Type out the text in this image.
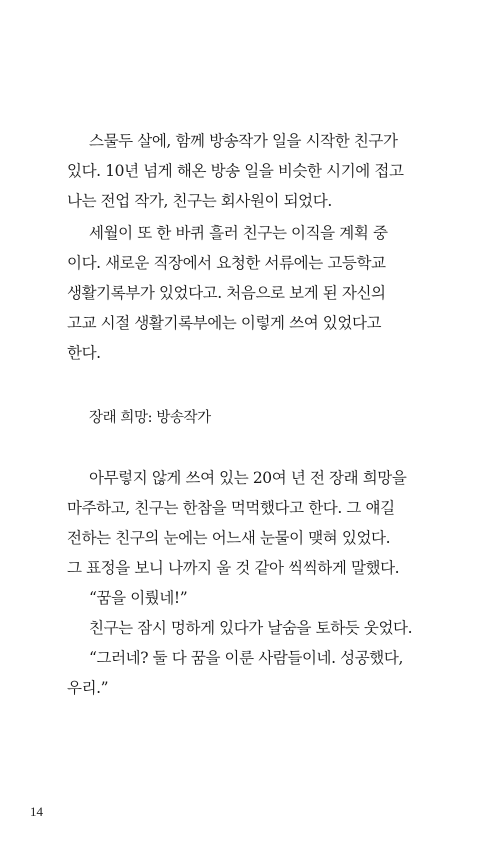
스물두 살에, 함께 방송작가 일을 시작한 친구가
있다. 10년 넘게 해온 방송 일을 비슷한 시기에 접고
나는 전업 작가, 친구는 회사원이 되었다.
세월이 또 한 바퀴 흘러 친구는 이직을 계획 중
이다. 새로운 직장에서 요청한 서류에는 고등학교
생활기록부가 있었다고. 처음으로 보게 된 자신의
고교 시절 생활기록부에는 이렇게 쓰여 있었다고
한다.
장래 희망: 방송작가
아무렇지 않게 쓰여 있는 20여 년 전 장래 희망을
마주하고, 친구는 한참을 먹먹했다고 한다. 그 얘길
전하는 친구의 눈에는 어느새 눈물이 맺혀 있었다.
그 표정을 보니 나까지 울 것 같아 씩씩하게 말했다.
“꿈을 이뤘네!”
친구는 잠시 멍하게 있다가 날숨을 토하듯 웃었다.
“그러네? 둘 다 꿈을 이룬 사람들이네. 성공했다,
우리.”
14
